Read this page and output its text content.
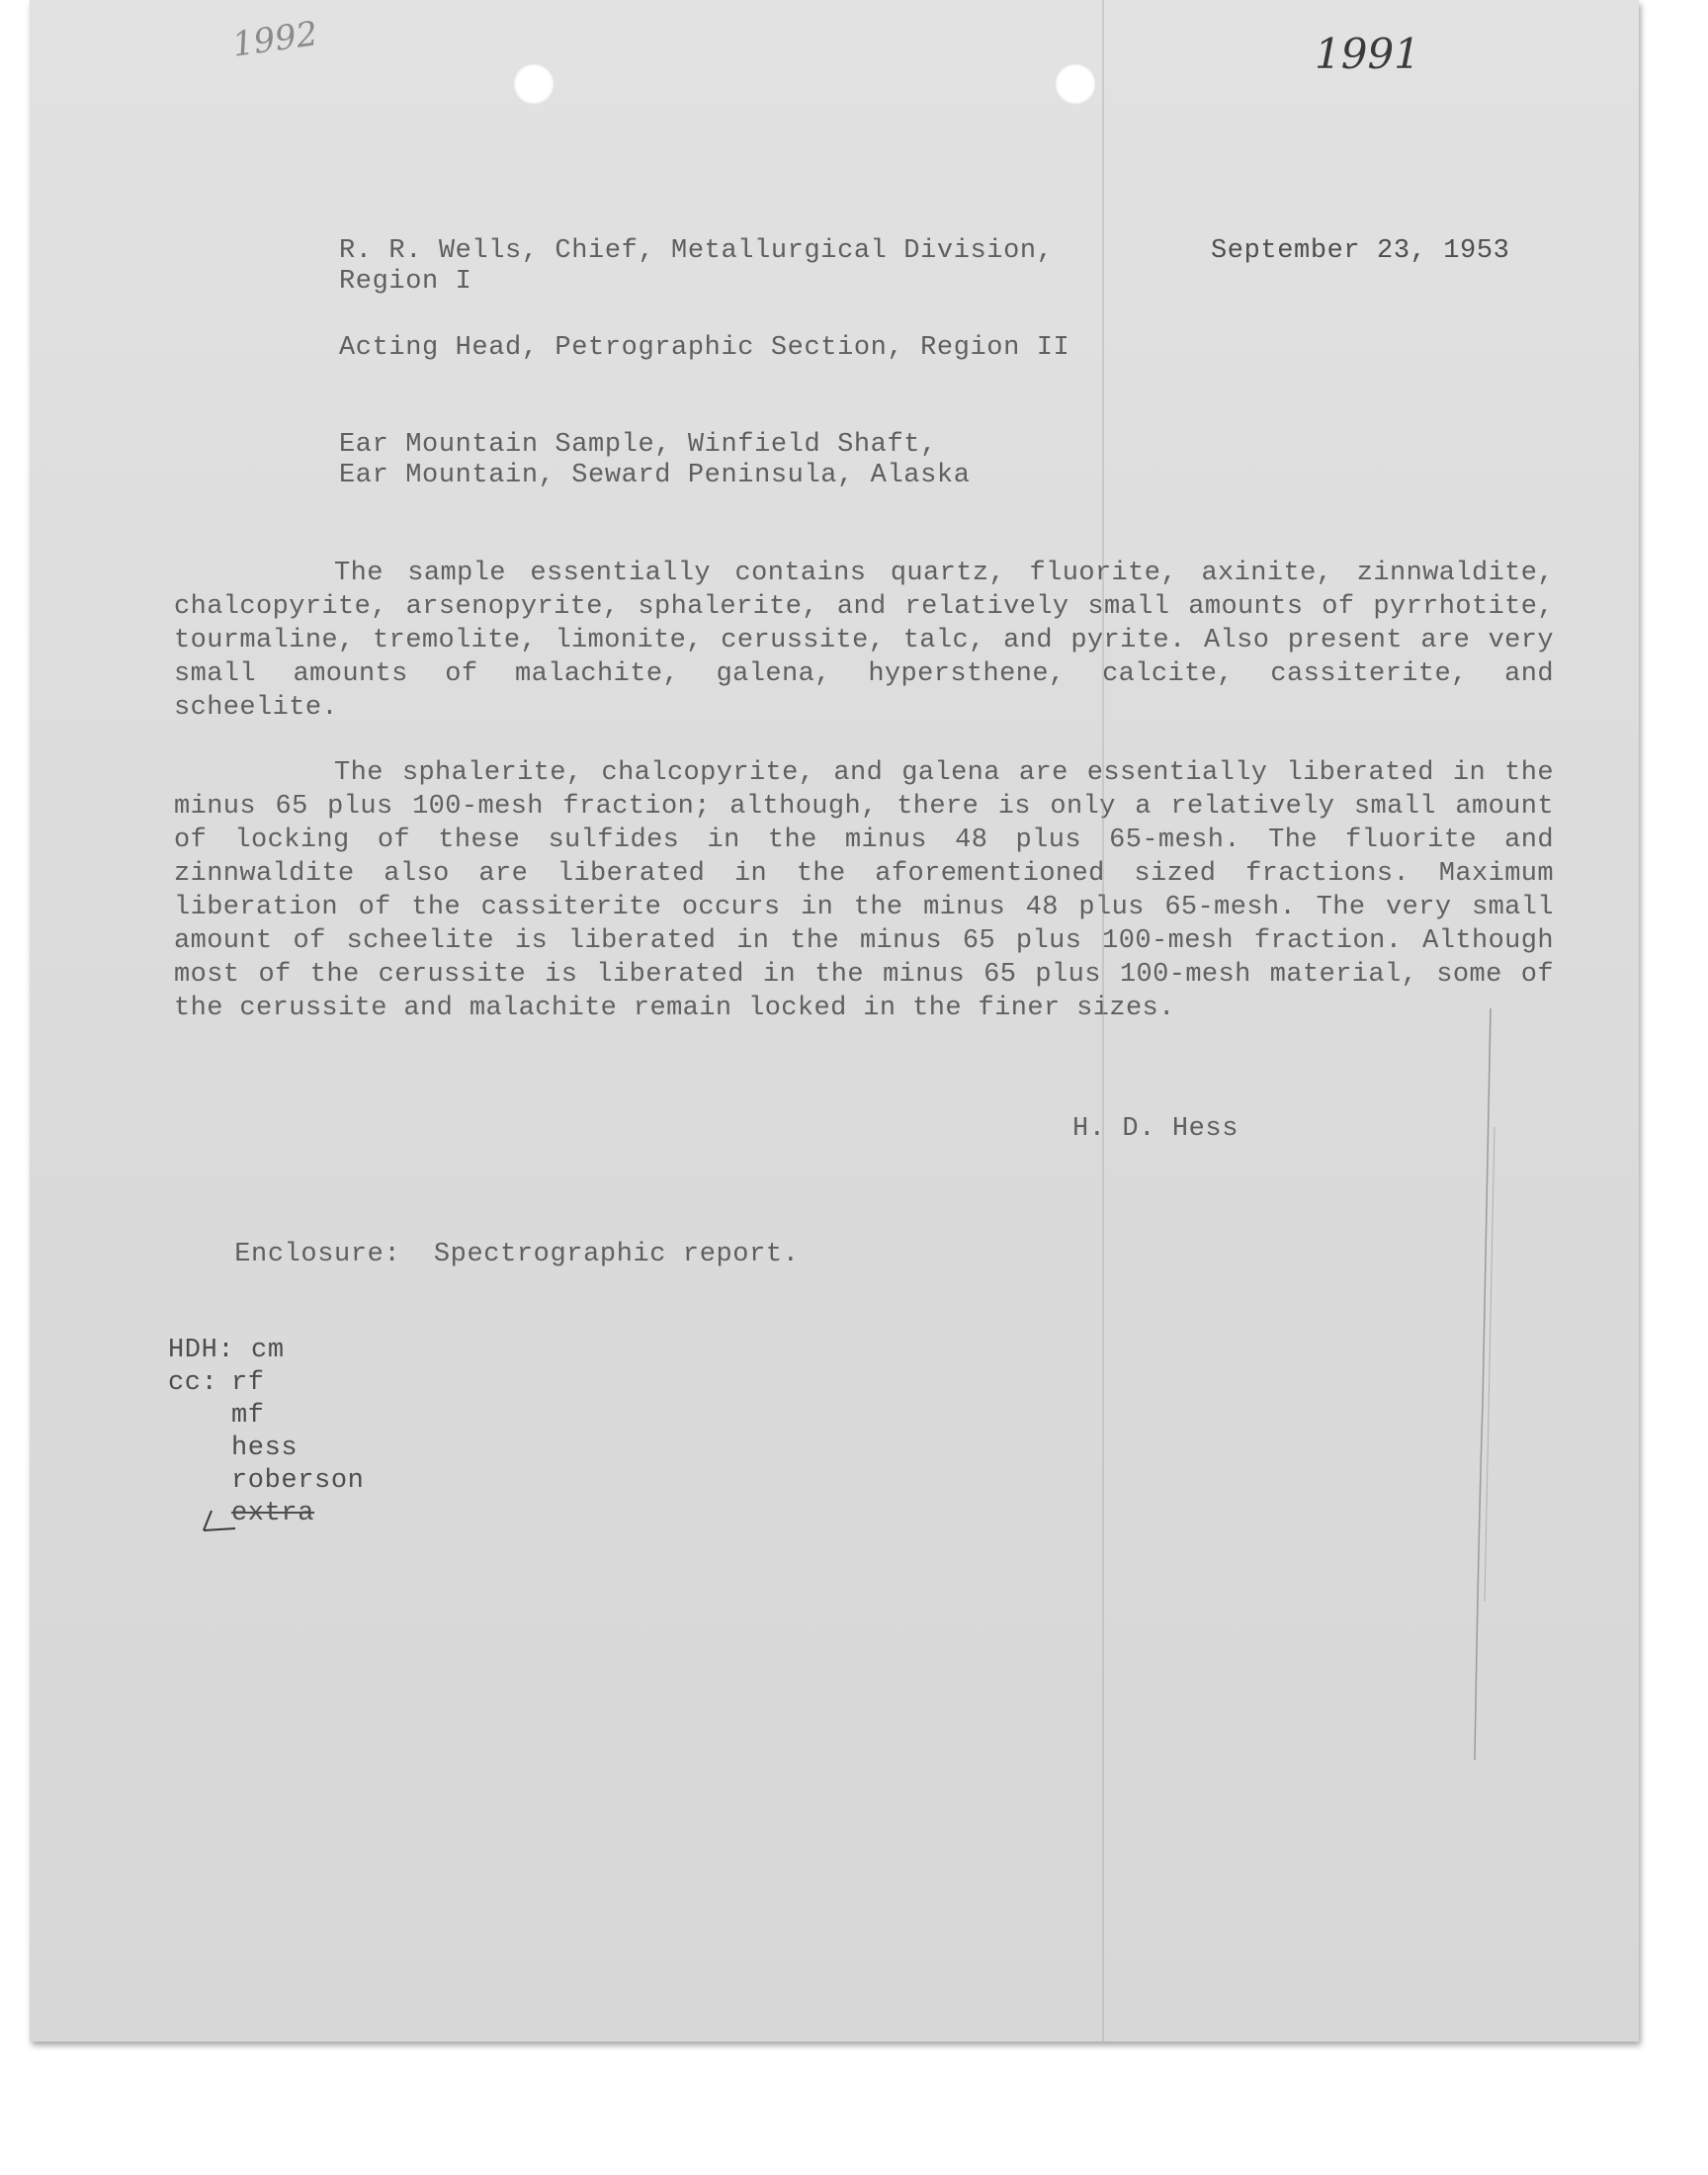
1992	1991
R. R. Wells, Chief, Metallurgical Division,
Region I
September 23, 1953
Acting Head, Petrographic Section, Region II
Ear Mountain Sample, Winfield Shaft,
Ear Mountain, Seward Peninsula, Alaska
The sample essentially contains quartz, fluorite, axinite, zinnwaldite, chalcopyrite, arsenopyrite, sphalerite, and relatively small amounts of pyrrhotite, tourmaline, tremolite, limonite, cerussite, talc, and pyrite. Also present are very small amounts of malachite, galena, hypersthene, calcite, cassiterite, and scheelite.
The sphalerite, chalcopyrite, and galena are essentially liberated in the minus 65 plus 100-mesh fraction; although, there is only a relatively small amount of locking of these sulfides in the minus 48 plus 65-mesh. The fluorite and zinnwaldite also are liberated in the aforementioned sized fractions. Maximum liberation of the cassiterite occurs in the minus 48 plus 65-mesh. The very small amount of scheelite is liberated in the minus 65 plus 100-mesh fraction. Although most of the cerussite is liberated in the minus 65 plus 100-mesh material, some of the cerussite and malachite remain locked in the finer sizes.
H. D. Hess

Enclosure: Spectrographic report.

HDH: cm
cc: rf
mf
hess
roberson
extra
